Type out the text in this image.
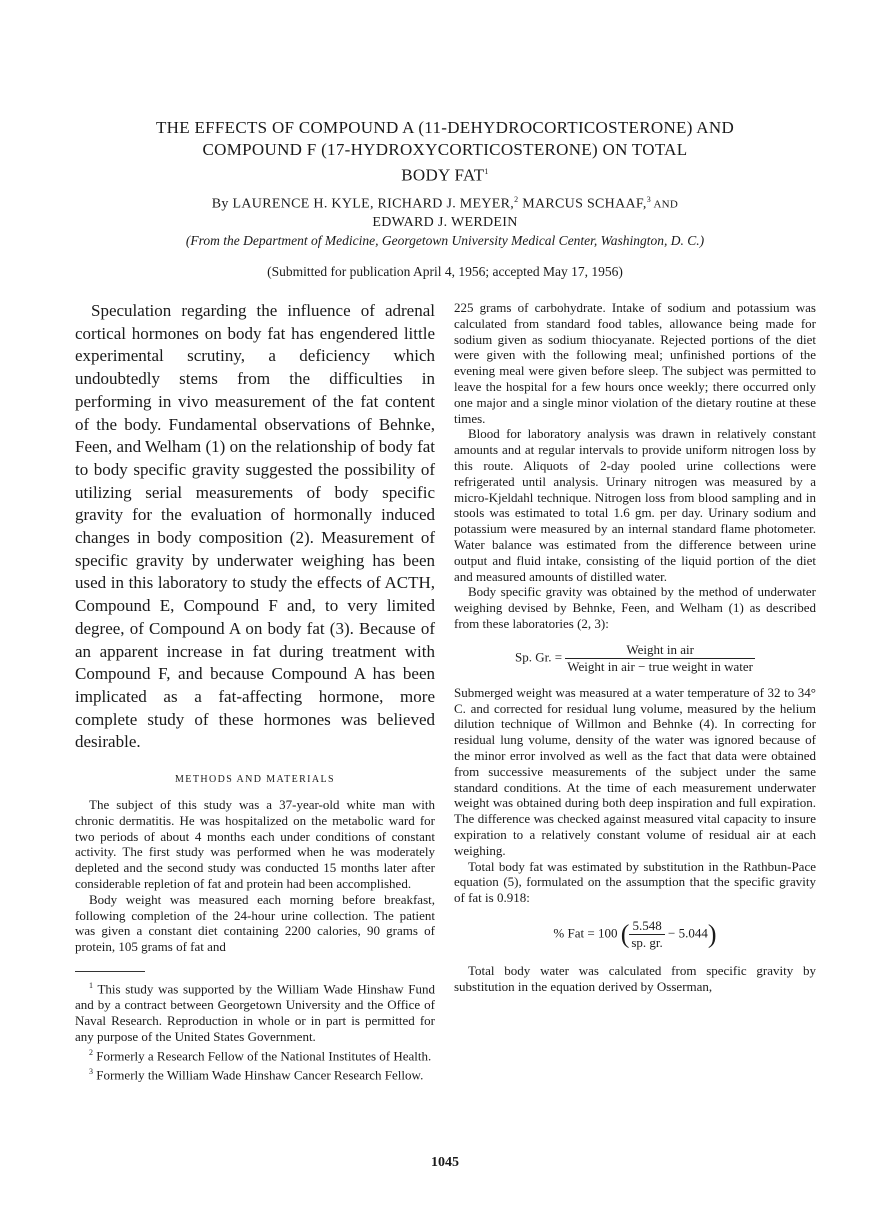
THE EFFECTS OF COMPOUND A (11-DEHYDROCORTICOSTERONE) AND
COMPOUND F (17-HYDROXYCORTICOSTERONE) ON TOTAL
BODY FAT$^1$
By LAURENCE H. KYLE, RICHARD J. MEYER,$^2$ MARCUS SCHAAF,$^3$ AND
EDWARD J. WERDEIN
(From the Department of Medicine, Georgetown University Medical Center, Washington, D. C.)
(Submitted for publication April 4, 1956; accepted May 17, 1956)

Speculation regarding the influence of adrenal cortical hormones on body fat has engendered little experimental scrutiny, a deficiency which undoubtedly stems from the difficulties in performing in vivo measurement of the fat content of the body. Fundamental observations of Behnke, Feen, and Welham (1) on the relationship of body fat to body specific gravity suggested the possibility of utilizing serial measurements of body specific gravity for the evaluation of hormonally induced changes in body composition (2). Measurement of specific gravity by underwater weighing has been used in this laboratory to study the effects of ACTH, Compound E, Compound F and, to very limited degree, of Compound A on body fat (3). Because of an apparent increase in fat during treatment with Compound F, and because Compound A has been implicated as a fat-affecting hormone, more complete study of these hormones was believed desirable.

METHODS AND MATERIALS

The subject of this study was a 37-year-old white man with chronic dermatitis. He was hospitalized on the metabolic ward for two periods of about 4 months each under conditions of constant activity. The first study was performed when he was moderately depleted and the second study was conducted 15 months later after considerable repletion of fat and protein had been accomplished.

Body weight was measured each morning before breakfast, following completion of the 24-hour urine collection. The patient was given a constant diet containing 2200 calories, 90 grams of protein, 105 grams of fat and

$^1$ This study was supported by the William Wade Hinshaw Fund and by a contract between Georgetown University and the Office of Naval Research. Reproduction in whole or in part is permitted for any purpose of the United States Government.

$^2$ Formerly a Research Fellow of the National Institutes of Health.

$^3$ Formerly the William Wade Hinshaw Cancer Research Fellow.

225 grams of carbohydrate. Intake of sodium and potassium was calculated from standard food tables, allowance being made for sodium given as sodium thiocyanate. Rejected portions of the diet were given with the following meal; unfinished portions of the evening meal were given before sleep. The subject was permitted to leave the hospital for a few hours once weekly; there occurred only one major and a single minor violation of the dietary routine at these times.

Blood for laboratory analysis was drawn in relatively constant amounts and at regular intervals to provide uniform nitrogen loss by this route. Aliquots of 2-day pooled urine collections were refrigerated until analysis. Urinary nitrogen was measured by a micro-Kjeldahl technique. Nitrogen loss from blood sampling and in stools was estimated to total 1.6 gm. per day. Urinary sodium and potassium were measured by an internal standard flame photometer. Water balance was estimated from the difference between urine output and fluid intake, consisting of the liquid portion of the diet and measured amounts of distilled water.

Body specific gravity was obtained by the method of underwater weighing devised by Behnke, Feen, and Welham (1) as described from these laboratories (2, 3):

Sp. Gr. = $\frac{\text{Weight in air}}{\text{Weight in air − true weight in water}}$

Submerged weight was measured at a water temperature of 32 to 34° C. and corrected for residual lung volume, measured by the helium dilution technique of Willmon and Behnke (4). In correcting for residual lung volume, density of the water was ignored because of the minor error involved as well as the fact that data were obtained from successive measurements of the subject under the same standard conditions. At the time of each measurement underwater weight was obtained during both deep inspiration and full expiration. The difference was checked against measured vital capacity to insure expiration to a relatively constant volume of residual air at each weighing.

Total body fat was estimated by substitution in the Rathbun-Pace equation (5), formulated on the assumption that the specific gravity of fat is 0.918:

% Fat = 100 ( $\frac{5.548}{sp. gr.} - 5.044$)

Total body water was calculated from specific gravity by substitution in the equation derived by Osserman,

1045
